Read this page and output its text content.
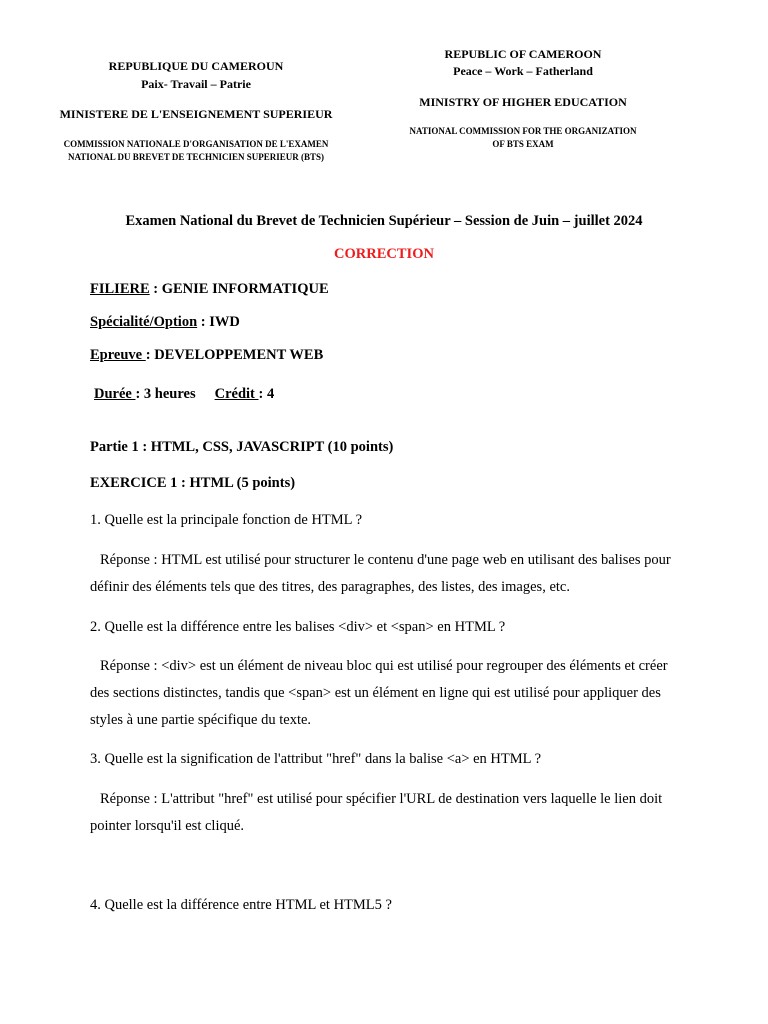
REPUBLIQUE DU CAMEROUN
Paix- Travail – Patrie
MINISTERE DE L'ENSEIGNEMENT SUPERIEUR
COMMISSION NATIONALE D'ORGANISATION DE L'EXAMEN
NATIONAL DU BREVET DE TECHNICIEN SUPERIEUR (BTS)
REPUBLIC OF CAMEROON
Peace – Work – Fatherland
MINISTRY OF HIGHER EDUCATION
NATIONAL COMMISSION FOR THE ORGANIZATION
OF BTS EXAM
Examen National du Brevet de Technicien Supérieur – Session de Juin – juillet 2024
CORRECTION
FILIERE : GENIE INFORMATIQUE
Spécialité/Option : IWD
Epreuve : DEVELOPPEMENT WEB
Durée : 3 heures Crédit : 4
Partie 1 : HTML, CSS, JAVASCRIPT (10 points)
EXERCICE 1 : HTML (5 points)
1. Quelle est la principale fonction de HTML ?
Réponse : HTML est utilisé pour structurer le contenu d'une page web en utilisant des balises pour définir des éléments tels que des titres, des paragraphes, des listes, des images, etc.
2. Quelle est la différence entre les balises <div> et <span> en HTML ?
Réponse : <div> est un élément de niveau bloc qui est utilisé pour regrouper des éléments et créer des sections distinctes, tandis que <span> est un élément en ligne qui est utilisé pour appliquer des styles à une partie spécifique du texte.
3. Quelle est la signification de l'attribut "href" dans la balise <a> en HTML ?
Réponse : L'attribut "href" est utilisé pour spécifier l'URL de destination vers laquelle le lien doit pointer lorsqu'il est cliqué.
4. Quelle est la différence entre HTML et HTML5 ?
